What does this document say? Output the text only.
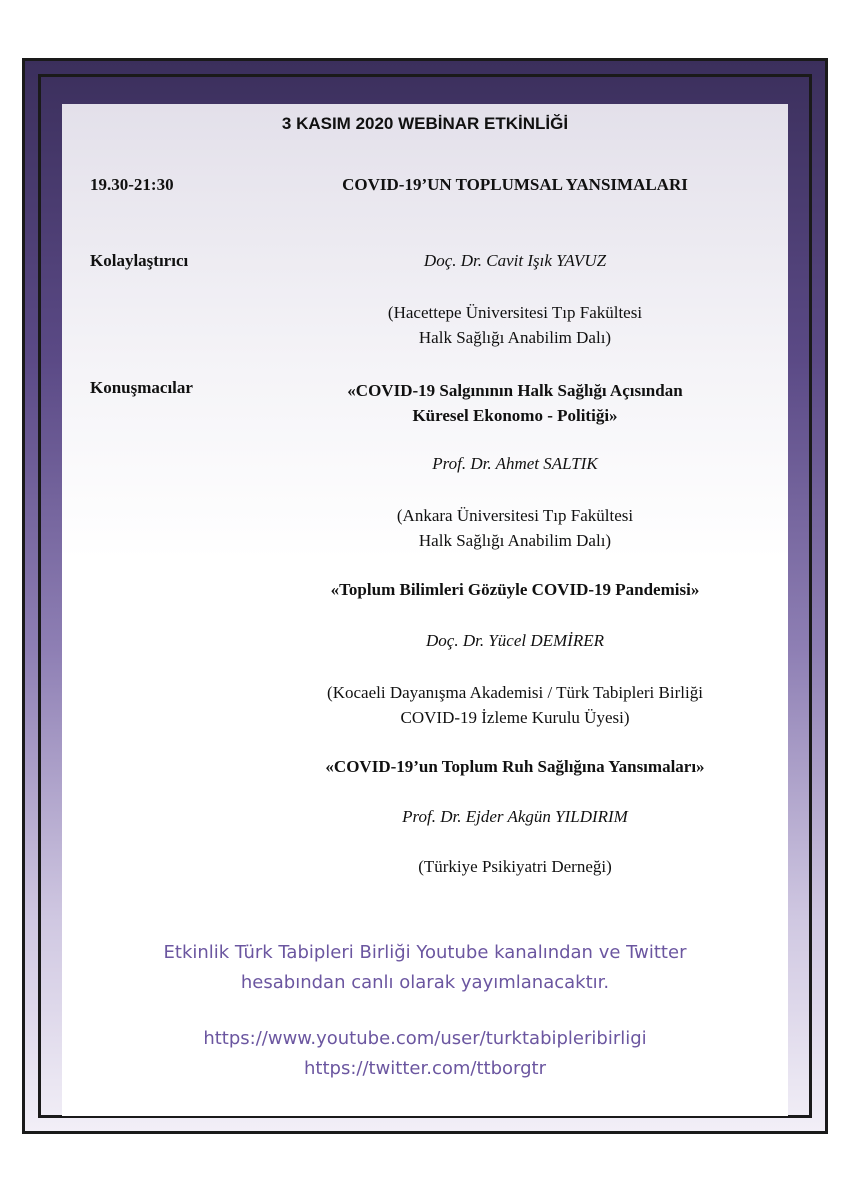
3 KASIM 2020 WEBİNAR ETKİNLİĞİ
19.30-21:30	COVID-19’UN TOPLUMSAL YANSIMALARI
Kolaylaştırıcı	Doç. Dr. Cavit Işık YAVUZ
(Hacettepe Üniversitesi Tıp Fakültesi
Halk Sağlığı Anabilim Dalı)
Konuşmacılar	«COVID-19 Salgınının Halk Sağlığı Açısından
Küresel Ekonomo - Politiği»
Prof. Dr. Ahmet SALTIK
(Ankara Üniversitesi Tıp Fakültesi
Halk Sağlığı Anabilim Dalı)
«Toplum Bilimleri Gözüyle COVID-19 Pandemisi»
Doç. Dr. Yücel DEMİRER
(Kocaeli Dayanışma Akademisi / Türk Tabipleri Birliği
COVID-19 İzleme Kurulu Üyesi)
«COVID-19’un Toplum Ruh Sağlığına Yansımaları»
Prof. Dr. Ejder Akgün YILDIRIM
(Türkiye Psikiyatri Derneği)
Etkinlik Türk Tabipleri Birliği Youtube kanalından ve Twitter
hesabından canlı olarak yayımlanacaktır.
https://www.youtube.com/user/turktabipleribirligi
https://twitter.com/ttborgtr
